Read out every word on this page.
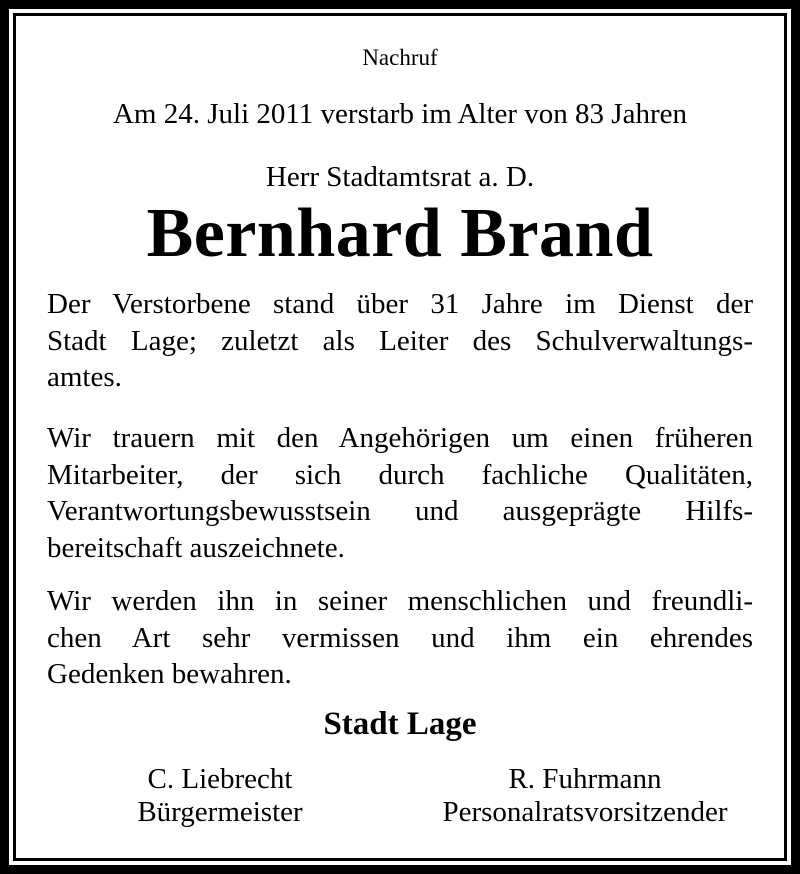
Nachruf
Am 24. Juli 2011 verstarb im Alter von 83 Jahren
Herr Stadtamtsrat a. D.
Bernhard Brand
Der Verstorbene stand über 31 Jahre im Dienst der
Stadt Lage; zuletzt als Leiter des Schulverwaltungs-
amtes.
Wir trauern mit den Angehörigen um einen früheren
Mitarbeiter, der sich durch fachliche Qualitäten,
Verantwortungsbewusstsein und ausgeprägte Hilfs-
bereitschaft auszeichnete.
Wir werden ihn in seiner menschlichen und freundli-
chen Art sehr vermissen und ihm ein ehrendes
Gedenken bewahren.
Stadt Lage
C. Liebrecht
Bürgermeister
R. Fuhrmann
Personalratsvorsitzender
